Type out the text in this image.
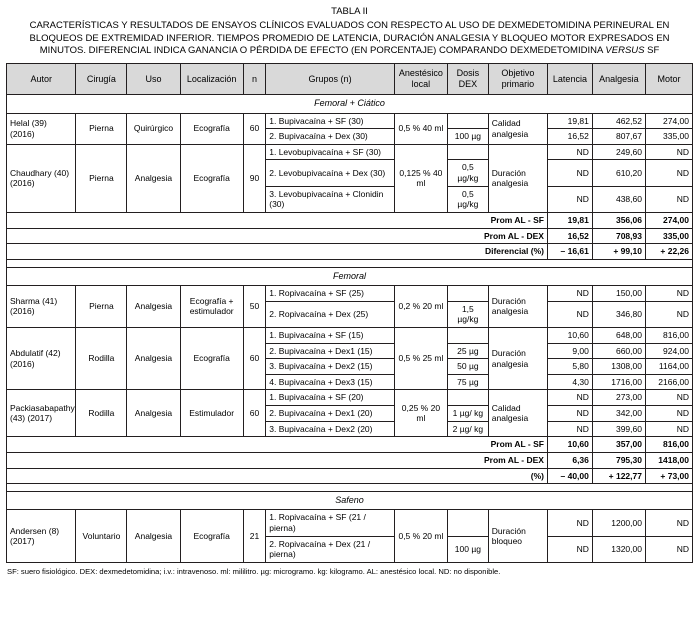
TABLA II
CARACTERÍSTICAS Y RESULTADOS DE ENSAYOS CLÍNICOS EVALUADOS CON RESPECTO AL USO DE DEXMEDETOMIDINA PERINEURAL EN BLOQUEOS DE EXTREMIDAD INFERIOR. TIEMPOS PROMEDIO DE LATENCIA, DURACIÓN ANALGESIA Y BLOQUEO MOTOR EXPRESADOS EN MINUTOS. DIFERENCIAL INDICA GANANCIA O PÉRDIDA DE EFECTO (EN PORCENTAJE) COMPARANDO DEXMEDETOMIDINA VERSUS SF
Autor	Cirugía	Uso	Localización	n	Grupos (n)	Anestésico local	Dosis DEX	Objetivo primario	Latencia	Analgesia	Motor
Femoral + Ciático											
Helal (39) (2016)	Pierna	Quirúrgico	Ecografía	60	1. Bupivacaína + SF (30)	0,5 % 40 ml		Calidad analgesia	19,81	462,52	274,00
					2. Bupivacaína + Dex (30)		100 µg		16,52	807,67	335,00
Chaudhary (40) (2016)	Pierna	Analgesia	Ecografía	90	1. Levobupivacaína + SF (30)	0,125 % 40 ml		Duración analgesia	ND	249,60	ND
					2. Levobupivacaína + Dex (30)		0,5 µg/kg		ND	610,20	ND
					3. Levobupivacaína + Clonidin (30)		0,5 µg/kg		ND	438,60	ND
Prom AL - SF									19,81	356,06	274,00
Prom AL - DEX									16,52	708,93	335,00
Diferencial (%)									– 16,61	+ 99,10	+ 22,26

Femoral											
Sharma (41) (2016)	Pierna	Analgesia	Ecografía + estimulador	50	1. Ropivacaína + SF (25)	0,2 % 20 ml		Duración analgesia	ND	150,00	ND
					2. Ropivacaína + Dex (25)		1,5 µg/kg		ND	346,80	ND
Abdulatif (42) (2016)	Rodilla	Analgesia	Ecografía	60	1. Bupivacaína + SF (15)	0,5 % 25 ml		Duración analgesia	10,60	648,00	816,00
					2. Bupivacaína + Dex1 (15)		25 µg		9,00	660,00	924,00
					3. Bupivacaína + Dex2 (15)		50 µg		5,80	1308,00	1164,00
					4. Bupivacaína + Dex3 (15)		75 µg		4,30	1716,00	2166,00
Packiasabapathy (43) (2017)	Rodilla	Analgesia	Estimulador	60	1. Bupivacaína + SF (20)	0,25 % 20 ml		Calidad analgesia	ND	273,00	ND
					2. Bupivacaína + Dex1 (20)		1 µg/ kg		ND	342,00	ND
					3. Bupivacaína + Dex2 (20)		2 µg/ kg		ND	399,60	ND
Prom AL - SF									10,60	357,00	816,00
Prom AL - DEX									6,36	795,30	1418,00
(%)									– 40,00	+ 122,77	+ 73,00

Safeno											
Andersen (8) (2017)	Voluntario	Analgesia	Ecografía	21	1. Ropivacaína + SF (21 / pierna)	0,5 % 20 ml		Duración bloqueo	ND	1200,00	ND
					2. Ropivacaína + Dex (21 / pierna)		100 µg		ND	1320,00	ND
SF: suero fisiológico. DEX: dexmedetomidina; i.v.: intravenoso. ml: mililitro. µg: microgramo. kg: kilogramo. AL: anestésico local. ND: no disponible.
